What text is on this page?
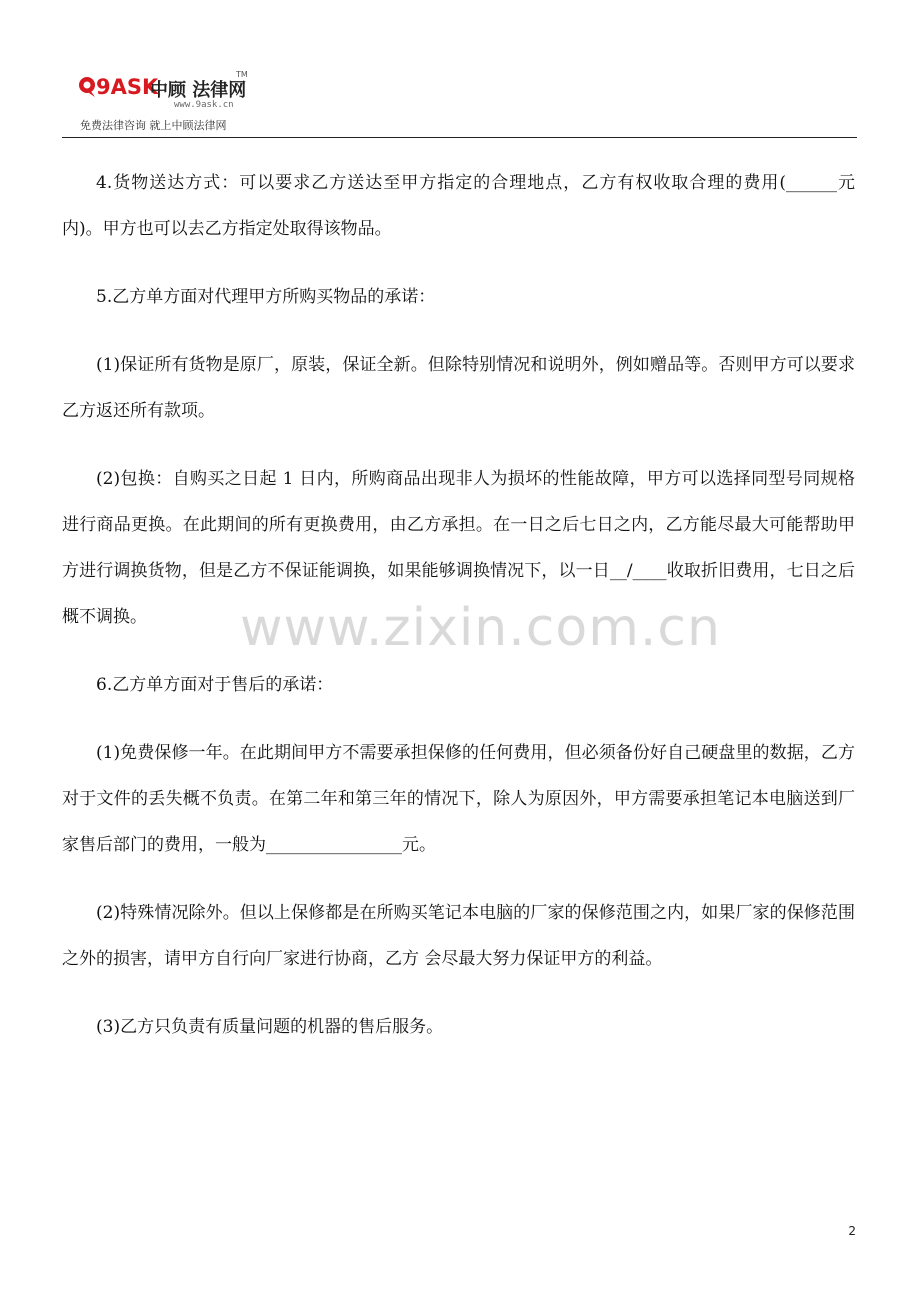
9ASK
中顾 法律网
TM
www.9ask.cn
免费法律咨询 就上中顾法律网
www.zixin.com.cn

4.货物送达方式：可以要求乙方送达至甲方指定的合理地点，乙方有权收取合理的费用(______元内)。甲方也可以去乙方指定处取得该物品。

5.乙方单方面对代理甲方所购买物品的承诺：

(1)保证所有货物是原厂，原装，保证全新。但除特别情况和说明外，例如赠品等。否则甲方可以要求乙方返还所有款项。

(2)包换：自购买之日起 1 日内，所购商品出现非人为损坏的性能故障，甲方可以选择同型号同规格进行商品更换。在此期间的所有更换费用，由乙方承担。在一日之后七日之内，乙方能尽最大可能帮助甲方进行调换货物，但是乙方不保证能调换，如果能够调换情况下，以一日__/____收取折旧费用，七日之后概不调换。

6.乙方单方面对于售后的承诺：

(1)免费保修一年。在此期间甲方不需要承担保修的任何费用，但必须备份好自己硬盘里的数据，乙方对于文件的丢失概不负责。在第二年和第三年的情况下，除人为原因外，甲方需要承担笔记本电脑送到厂家售后部门的费用，一般为________________元。

(2)特殊情况除外。但以上保修都是在所购买笔记本电脑的厂家的保修范围之内，如果厂家的保修范围之外的损害，请甲方自行向厂家进行协商，乙方 会尽最大努力保证甲方的利益。

(3)乙方只负责有质量问题的机器的售后服务。

2
